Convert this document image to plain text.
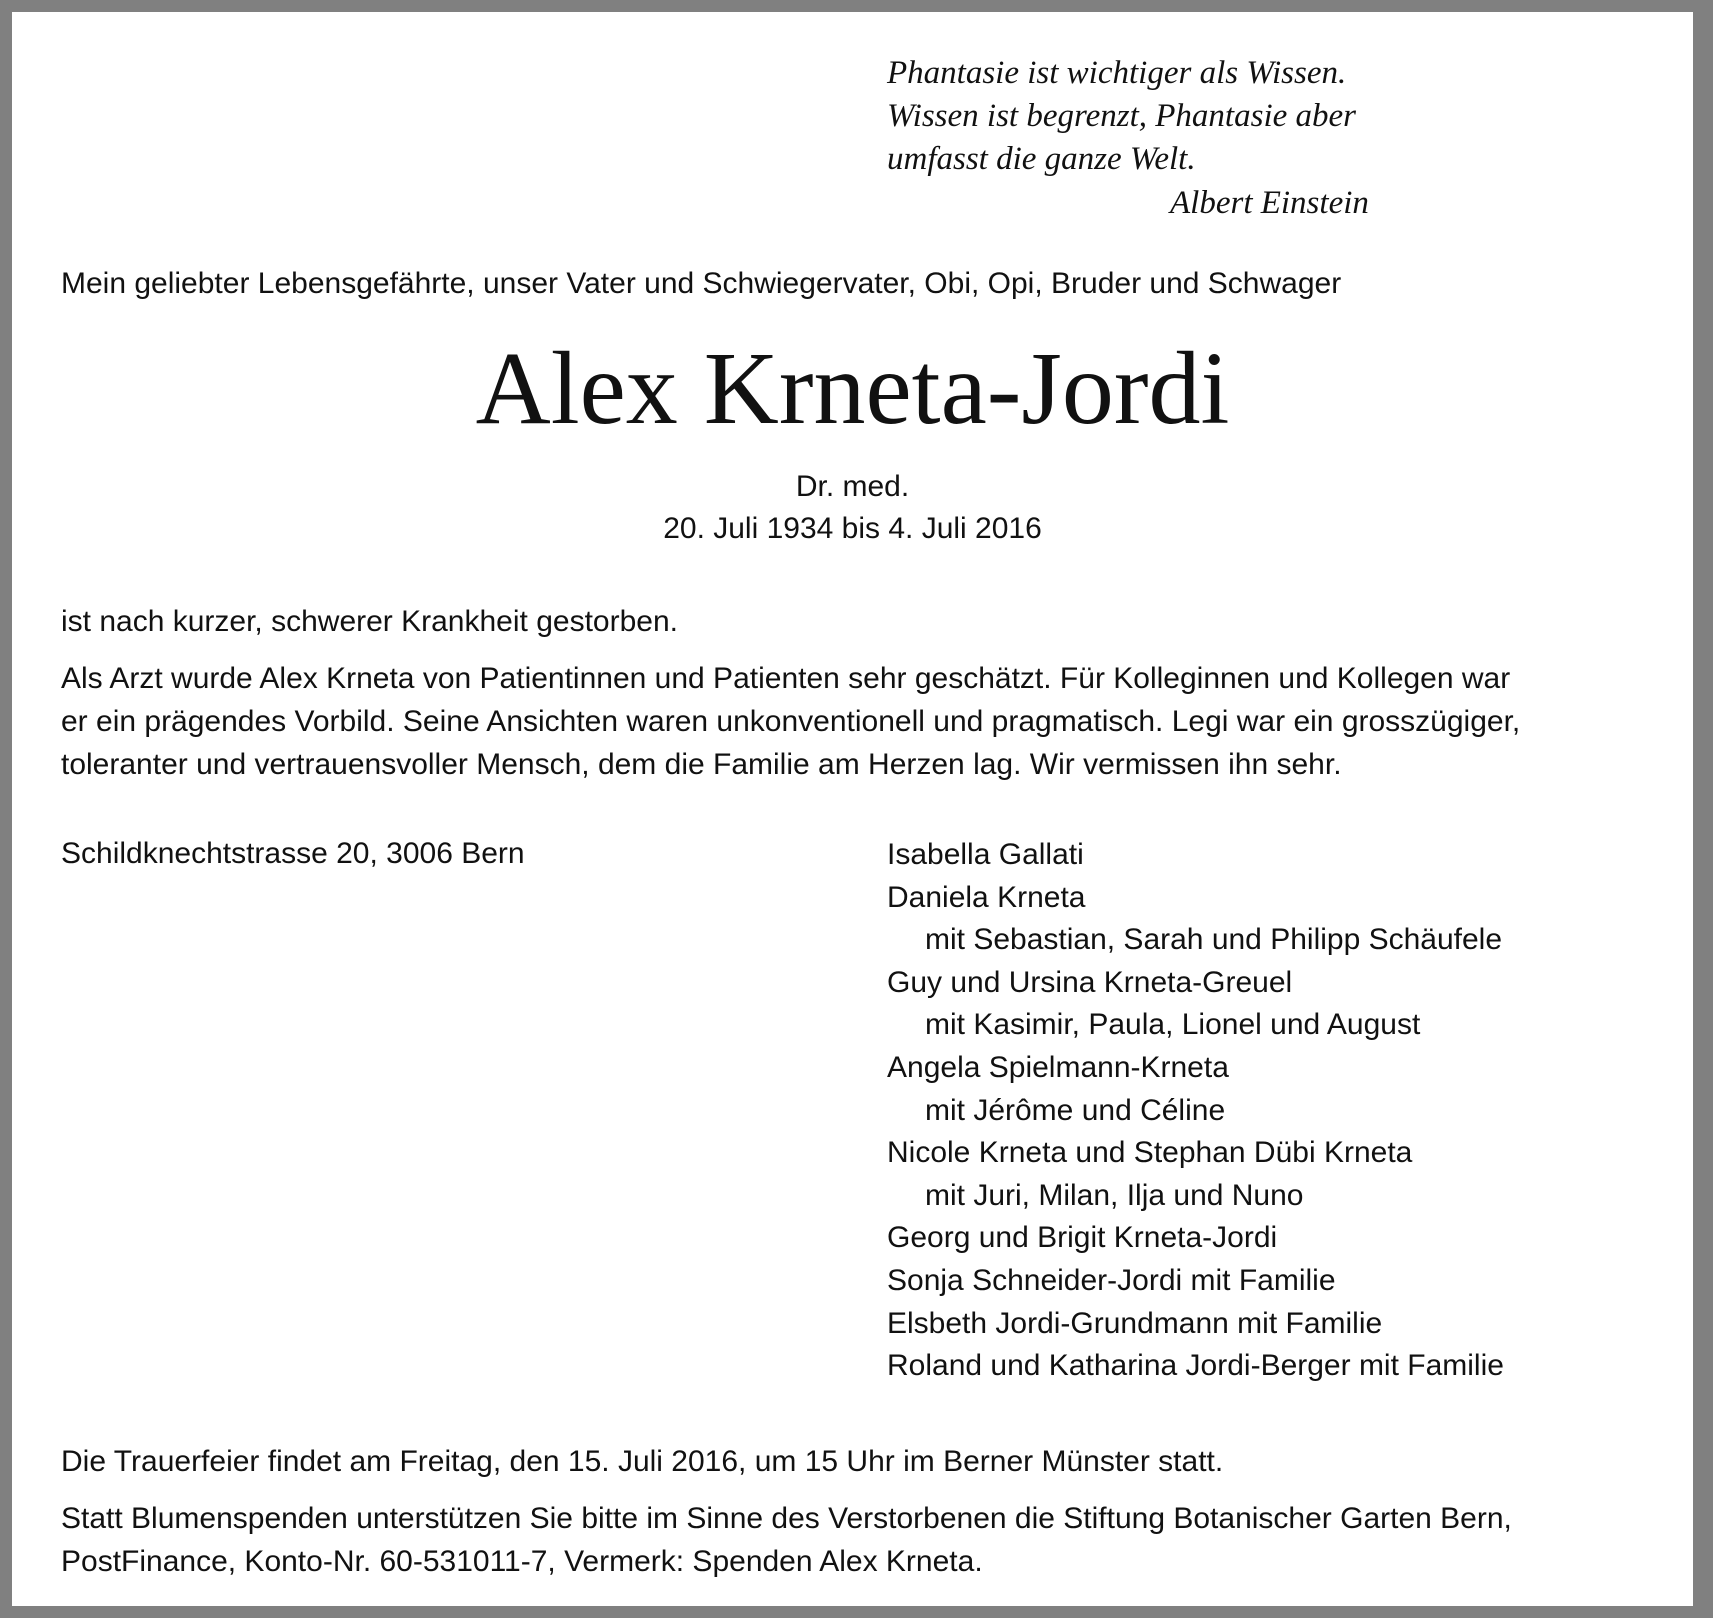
Phantasie ist wichtiger als Wissen.
Wissen ist begrenzt, Phantasie aber
umfasst die ganze Welt.
Albert Einstein
Mein geliebter Lebensgefährte, unser Vater und Schwiegervater, Obi, Opi, Bruder und Schwager
Alex Krneta-Jordi
Dr. med.
20. Juli 1934 bis 4. Juli 2016
ist nach kurzer, schwerer Krankheit gestorben.
Als Arzt wurde Alex Krneta von Patientinnen und Patienten sehr geschätzt. Für Kolleginnen und Kollegen war
er ein prägendes Vorbild. Seine Ansichten waren unkonventionell und pragmatisch. Legi war ein grosszügiger,
toleranter und vertrauensvoller Mensch, dem die Familie am Herzen lag. Wir vermissen ihn sehr.
Schildknechtstrasse 20, 3006 Bern	Isabella Gallati
Daniela Krneta
mit Sebastian, Sarah und Philipp Schäufele
Guy und Ursina Krneta-Greuel
mit Kasimir, Paula, Lionel und August
Angela Spielmann-Krneta
mit Jérôme und Céline
Nicole Krneta und Stephan Dübi Krneta
mit Juri, Milan, Ilja und Nuno
Georg und Brigit Krneta-Jordi
Sonja Schneider-Jordi mit Familie
Elsbeth Jordi-Grundmann mit Familie
Roland und Katharina Jordi-Berger mit Familie
Die Trauerfeier findet am Freitag, den 15. Juli 2016, um 15 Uhr im Berner Münster statt.
Statt Blumenspenden unterstützen Sie bitte im Sinne des Verstorbenen die Stiftung Botanischer Garten Bern,
PostFinance, Konto-Nr. 60-531011-7, Vermerk: Spenden Alex Krneta.
